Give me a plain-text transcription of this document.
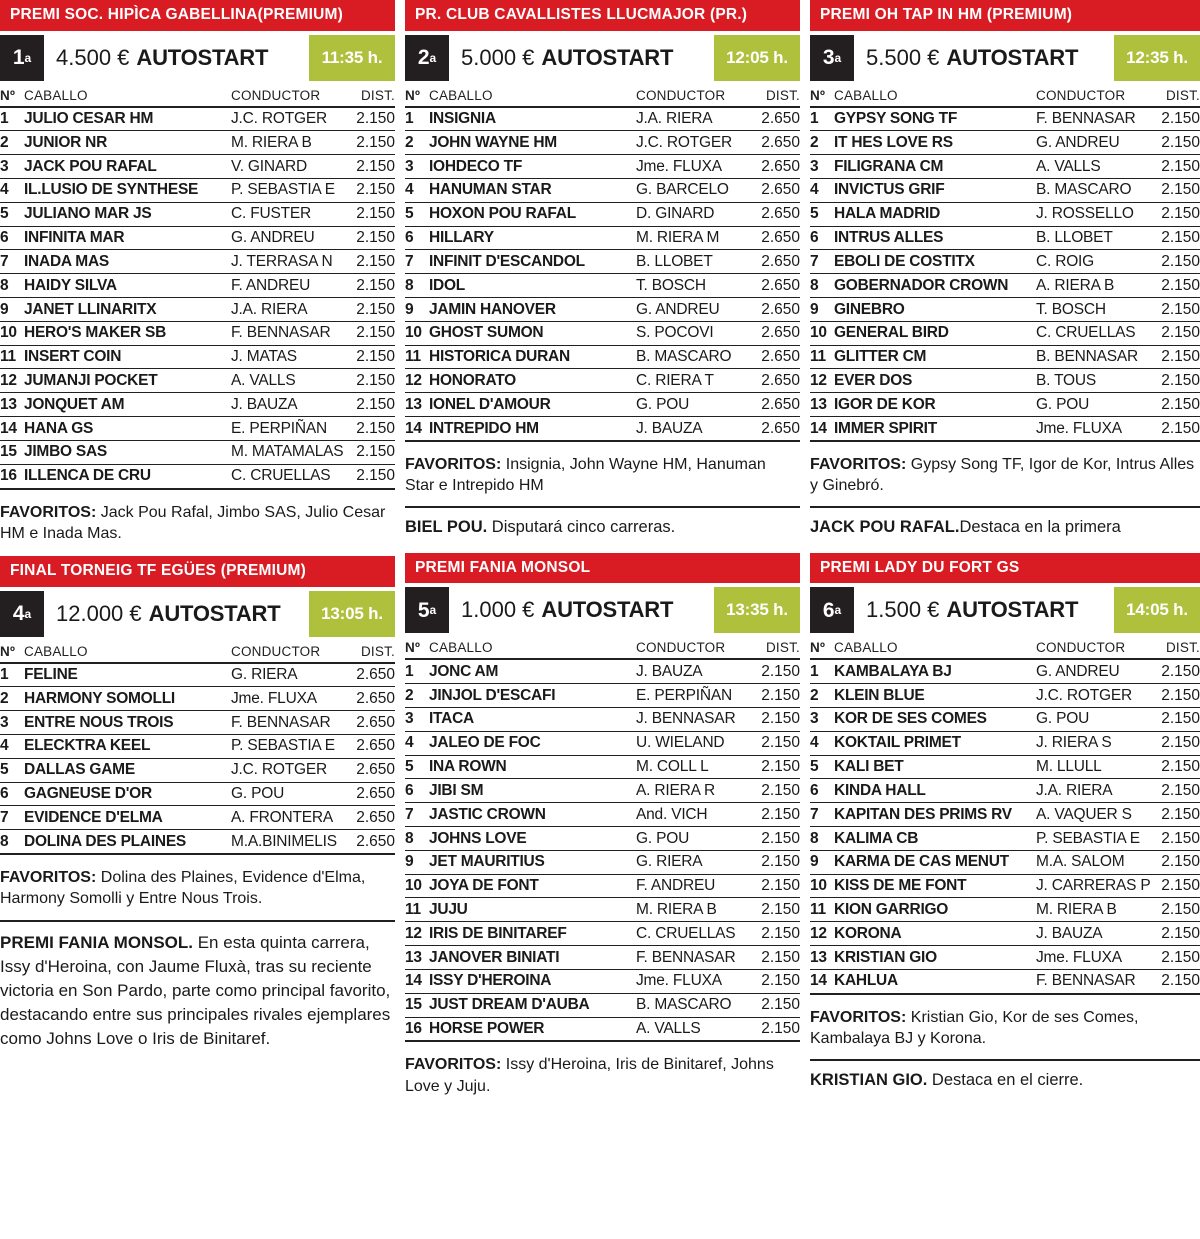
PREMI SOC. HIPÌCA GABELLINA(PREMIUM)
1 a 4.500 € AUTOSTART	11:35 h.
Nº	CABALLO	CONDUCTOR	DIST.
1	JULIO CESAR HM	J.C. ROTGER	2.150
2	JUNIOR NR	M. RIERA B	2.150
3	JACK POU RAFAL	V. GINARD	2.150
4	IL.LUSIO DE SYNTHESE	P. SEBASTIA E	2.150
5	JULIANO MAR JS	C. FUSTER	2.150
6	INFINITA MAR	G. ANDREU	2.150
7	INADA MAS	J. TERRASA N	2.150
8	HAIDY SILVA	F. ANDREU	2.150
9	JANET LLINARITX	J.A. RIERA	2.150
10	HERO'S MAKER SB	F. BENNASAR	2.150
11	INSERT COIN	J. MATAS	2.150
12	JUMANJI POCKET	A. VALLS	2.150
13	JONQUET AM	J. BAUZA	2.150
14	HANA GS	E. PERPIÑAN	2.150
15	JIMBO SAS	M. MATAMALAS	2.150
16	ILLENCA DE CRU	C. CRUELLAS	2.150
FAVORITOS: Jack Pou Rafal, Jimbo SAS, Julio Cesar HM e Inada Mas.
FINAL TORNEIG TF EGÜES (PREMIUM)
4 a 12.000 € AUTOSTART	13:05 h.
Nº	CABALLO	CONDUCTOR	DIST.
1	FELINE	G. RIERA	2.650
2	HARMONY SOMOLLI	Jme. FLUXA	2.650
3	ENTRE NOUS TROIS	F. BENNASAR	2.650
4	ELECKTRA KEEL	P. SEBASTIA E	2.650
5	DALLAS GAME	J.C. ROTGER	2.650
6	GAGNEUSE D'OR	G. POU	2.650
7	EVIDENCE D'ELMA	A. FRONTERA	2.650
8	DOLINA DES PLAINES	M.A.BINIMELIS	2.650
FAVORITOS: Dolina des Plaines, Evidence d'Elma, Harmony Somolli y Entre Nous Trois.
PREMI FANIA MONSOL. En esta quinta carrera, Issy d'Heroina, con Jaume Fluxà, tras su reciente victoria en Son Pardo, parte como principal favorito, destacando entre sus principales rivales ejemplares como Johns Love o Iris de Binitaref.
PR. CLUB CAVALLISTES LLUCMAJOR (PR.)
2 a 5.000 € AUTOSTART	12:05 h.
Nº	CABALLO	CONDUCTOR	DIST.
1	INSIGNIA	J.A. RIERA	2.650
2	JOHN WAYNE HM	J.C. ROTGER	2.650
3	IOHDECO TF	Jme. FLUXA	2.650
4	HANUMAN STAR	G. BARCELO	2.650
5	HOXON POU RAFAL	D. GINARD	2.650
6	HILLARY	M. RIERA M	2.650
7	INFINIT D'ESCANDOL	B. LLOBET	2.650
8	IDOL	T. BOSCH	2.650
9	JAMIN HANOVER	G. ANDREU	2.650
10	GHOST SUMON	S. POCOVI	2.650
11	HISTORICA DURAN	B. MASCARO	2.650
12	HONORATO	C. RIERA T	2.650
13	IONEL D'AMOUR	G. POU	2.650
14	INTREPIDO HM	J. BAUZA	2.650
FAVORITOS: Insignia, John Wayne HM, Hanuman Star e Intrepido HM
BIEL POU. Disputará cinco carreras.
PREMI FANIA MONSOL
5 a 1.000 € AUTOSTART	13:35 h.
Nº	CABALLO	CONDUCTOR	DIST.
1	JONC AM	J. BAUZA	2.150
2	JINJOL D'ESCAFI	E. PERPIÑAN	2.150
3	ITACA	J. BENNASAR	2.150
4	JALEO DE FOC	U. WIELAND	2.150
5	INA ROWN	M. COLL L	2.150
6	JIBI SM	A. RIERA R	2.150
7	JASTIC CROWN	And. VICH	2.150
8	JOHNS LOVE	G. POU	2.150
9	JET MAURITIUS	G. RIERA	2.150
10	JOYA DE FONT	F. ANDREU	2.150
11	JUJU	M. RIERA B	2.150
12	IRIS DE BINITAREF	C. CRUELLAS	2.150
13	JANOVER BINIATI	F. BENNASAR	2.150
14	ISSY D'HEROINA	Jme. FLUXA	2.150
15	JUST DREAM D'AUBA	B. MASCARO	2.150
16	HORSE POWER	A. VALLS	2.150
FAVORITOS: Issy d'Heroina, Iris de Binitaref, Johns Love y Juju.
PREMI OH TAP IN HM (PREMIUM)
3 a 5.500 € AUTOSTART	12:35 h.
Nº	CABALLO	CONDUCTOR	DIST.
1	GYPSY SONG TF	F. BENNASAR	2.150
2	IT HES LOVE RS	G. ANDREU	2.150
3	FILIGRANA CM	A. VALLS	2.150
4	INVICTUS GRIF	B. MASCARO	2.150
5	HALA MADRID	J. ROSSELLO	2.150
6	INTRUS ALLES	B. LLOBET	2.150
7	EBOLI DE COSTITX	C. ROIG	2.150
8	GOBERNADOR CROWN	A. RIERA B	2.150
9	GINEBRO	T. BOSCH	2.150
10	GENERAL BIRD	C. CRUELLAS	2.150
11	GLITTER CM	B. BENNASAR	2.150
12	EVER DOS	B. TOUS	2.150
13	IGOR DE KOR	G. POU	2.150
14	IMMER SPIRIT	Jme. FLUXA	2.150
FAVORITOS: Gypsy Song TF, Igor de Kor, Intrus Alles y Ginebró.
JACK POU RAFAL.Destaca en la primera
PREMI LADY DU FORT GS
6 a 1.500 € AUTOSTART	14:05 h.
Nº	CABALLO	CONDUCTOR	DIST.
1	KAMBALAYA BJ	G. ANDREU	2.150
2	KLEIN BLUE	J.C. ROTGER	2.150
3	KOR DE SES COMES	G. POU	2.150
4	KOKTAIL PRIMET	J. RIERA S	2.150
5	KALI BET	M. LLULL	2.150
6	KINDA HALL	J.A. RIERA	2.150
7	KAPITAN DES PRIMS RV	A. VAQUER S	2.150
8	KALIMA CB	P. SEBASTIA E	2.150
9	KARMA DE CAS MENUT	M.A. SALOM	2.150
10	KISS DE ME FONT	J. CARRERAS P	2.150
11	KION GARRIGO	M. RIERA B	2.150
12	KORONA	J. BAUZA	2.150
13	KRISTIAN GIO	Jme. FLUXA	2.150
14	KAHLUA	F. BENNASAR	2.150
FAVORITOS: Kristian Gio, Kor de ses Comes, Kambalaya BJ y Korona.
KRISTIAN GIO. Destaca en el cierre.
